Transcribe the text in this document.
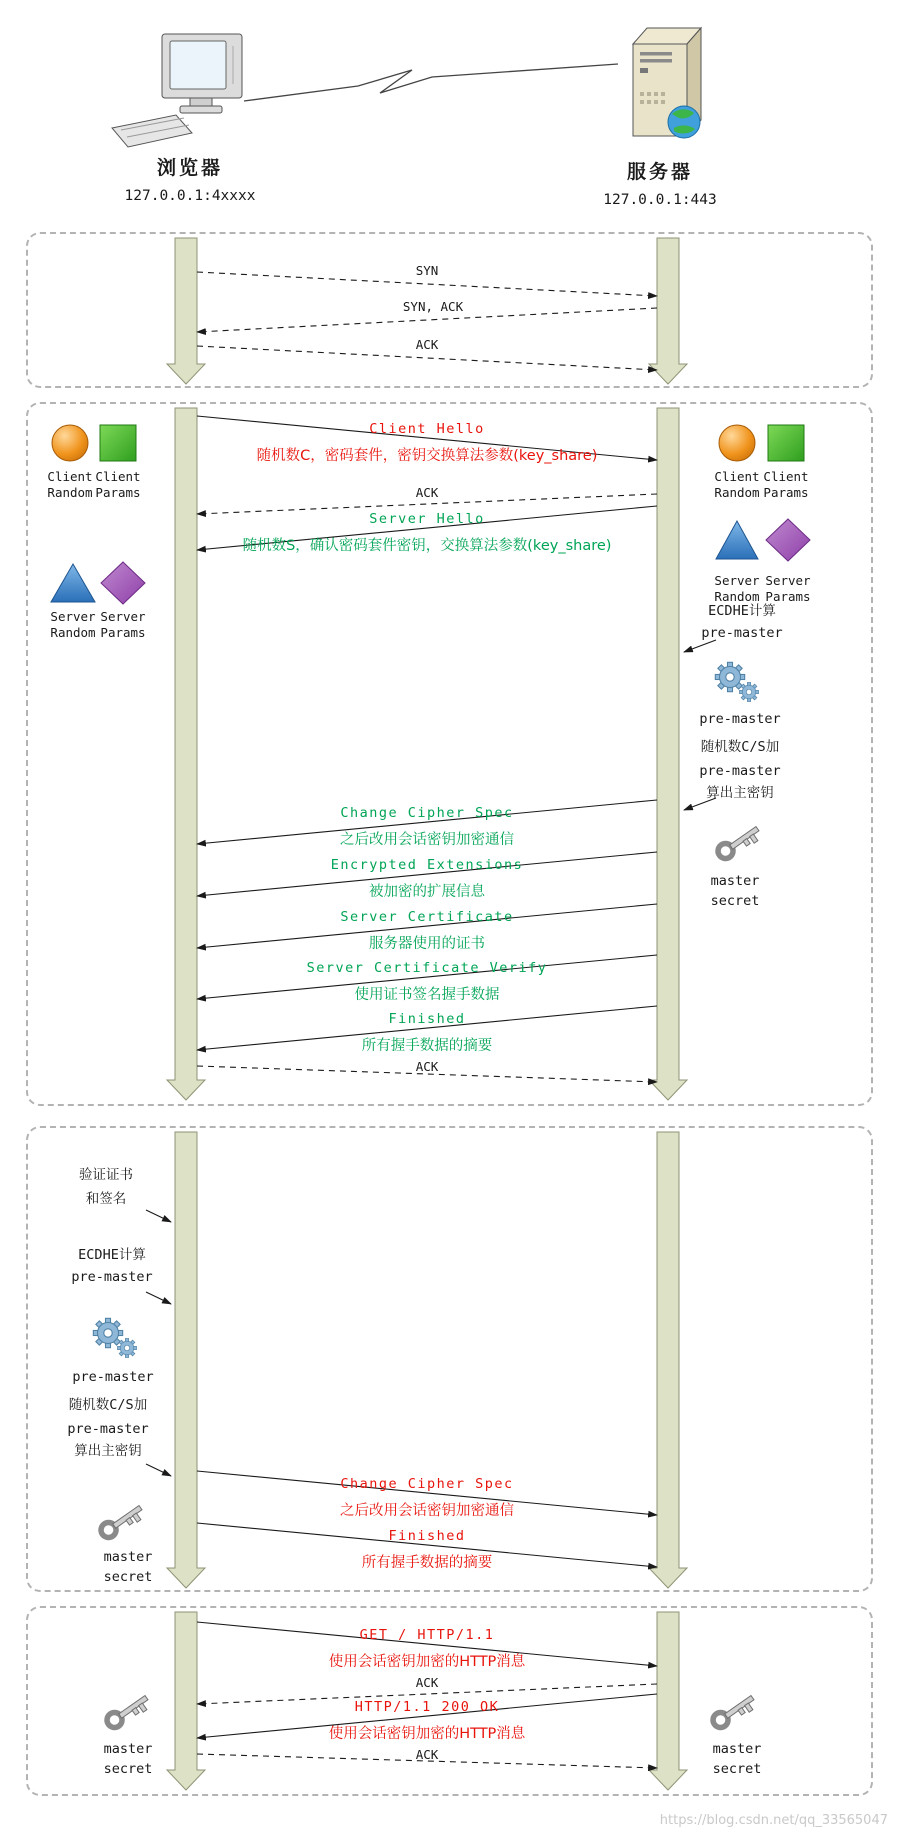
浏览器
127.0.0.1:4xxxx
服务器
127.0.0.1:443
SYN
SYN, ACK
ACK
Client Hello
随机数C，密码套件，密钥交换算法参数(key_share)
ACK
Server Hello
随机数S，确认密码套件密钥，交换算法参数(key_share)
Change Cipher Spec
之后改用会话密钥加密通信
Encrypted Extensions
被加密的扩展信息
Server Certificate
服务器使用的证书
Server Certificate Verify
使用证书签名握手数据
Finished
所有握手数据的摘要
ACK
Client
Random
Client
Params
Server
Random
Server
Params
Client
Random
Client
Params
Server
Random
Server
Params
ECDHE计算
pre-master
pre-master
随机数C/S加
pre-master
算出主密钥
master
secret
验证证书
和签名
ECDHE计算
pre-master
pre-master
随机数C/S加
pre-master
算出主密钥
master
secret
Change Cipher Spec
之后改用会话密钥加密通信
Finished
所有握手数据的摘要
GET / HTTP/1.1
使用会话密钥加密的HTTP消息
ACK
HTTP/1.1 200 OK
使用会话密钥加密的HTTP消息
ACK
master
secret
master
secret
https://blog.csdn.net/qq_33565047
